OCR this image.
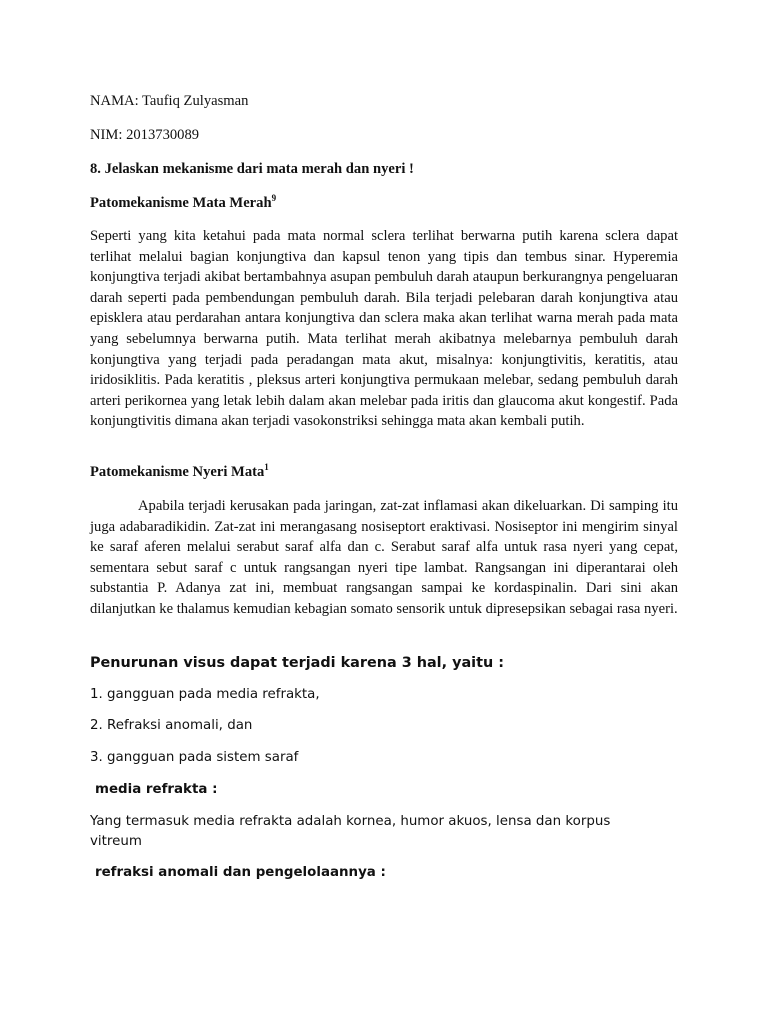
NAMA: Taufiq Zulyasman
NIM: 2013730089
8. Jelaskan mekanisme dari mata merah dan nyeri !
Patomekanisme Mata Merah$^9$
Seperti yang kita ketahui pada mata normal sclera terlihat berwarna putih karena sclera dapat terlihat melalui bagian konjungtiva dan kapsul tenon yang tipis dan tembus sinar. Hyperemia konjungtiva terjadi akibat bertambahnya asupan pembuluh darah ataupun berkurangnya pengeluaran darah seperti pada pembendungan pembuluh darah. Bila terjadi pelebaran darah konjungtiva atau episklera atau perdarahan antara konjungtiva dan sclera maka akan terlihat warna merah pada mata yang sebelumnya berwarna putih. Mata terlihat merah akibatnya melebarnya pembuluh darah konjungtiva yang terjadi pada peradangan mata akut, misalnya: konjungtivitis, keratitis, atau iridosiklitis. Pada keratitis , pleksus arteri konjungtiva permukaan melebar, sedang pembuluh darah arteri perikornea yang letak lebih dalam akan melebar pada iritis dan glaucoma akut kongestif. Pada konjungtivitis dimana akan terjadi vasokonstriksi sehingga mata akan kembali putih.
Patomekanisme Nyeri Mata$^1$
Apabila terjadi kerusakan pada jaringan, zat-zat inflamasi akan dikeluarkan. Di samping itu juga adabaradikidin. Zat-zat ini merangasang nosiseptort eraktivasi. Nosiseptor ini mengirim sinyal ke saraf aferen melalui serabut saraf alfa dan c. Serabut saraf alfa untuk rasa nyeri yang cepat, sementara sebut saraf c untuk rangsangan nyeri tipe lambat. Rangsangan ini diperantarai oleh substantia P. Adanya zat ini, membuat rangsangan sampai ke kordaspinalin. Dari sini akan dilanjutkan ke thalamus kemudian kebagian somato sensorik untuk dipresepsikan sebagai rasa nyeri.
Penurunan visus dapat terjadi karena 3 hal, yaitu :
1. gangguan pada media refrakta,
2. Refraksi anomali, dan
3. gangguan pada sistem saraf
media refrakta :
Yang termasuk media refrakta adalah kornea, humor akuos, lensa dan korpus
vitreum
refraksi anomali dan pengelolaannya :
